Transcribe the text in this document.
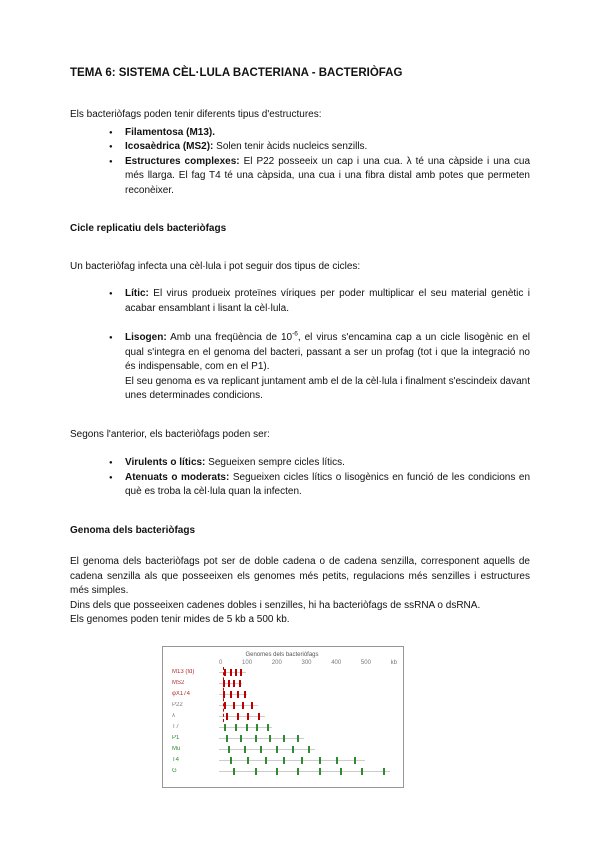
TEMA 6: SISTEMA CÈL·LULA BACTERIANA - BACTERIÒFAG

Els bacteriòfags poden tenir diferents tipus d'estructures:

● Filamentosa (M13).
● Icosaèdrica (MS2): Solen tenir àcids nucleics senzills.
● Estructures complexes: El P22 posseeix un cap i una cua. λ té una càpside i una cua més llarga. El fag T4 té una càpsida, una cua i una fibra distal amb potes que permeten reconèixer.
Cicle replicatiu dels bacteriòfags

Un bacteriòfag infecta una cèl·lula i pot seguir dos tipus de cicles:

● Lític: El virus produeix proteïnes víriques per poder multiplicar el seu material genètic i acabar ensamblant i lisant la cèl·lula.
● Lisogen: Amb una freqüència de $10^{-6}$, el virus s'encamina cap a un cicle lisogènic en el qual s'integra en el genoma del bacteri, passant a ser un profag (tot i que la integració no és indispensable, com en el P1).
El seu genoma es va replicant juntament amb el de la cèl·lula i finalment s'escindeix davant unes determinades condicions.

Segons l'anterior, els bacteriòfags poden ser:

● Virulents o lítics: Segueixen sempre cicles lítics.
● Atenuats o moderats: Segueixen cicles lítics o lisogènics en funció de les condicions en què es troba la cèl·lula quan la infecten.
Genoma dels bacteriòfags

El genoma dels bacteriòfags pot ser de doble cadena o de cadena senzilla, corresponent aquells de cadena senzilla als que posseeixen els genomes més petits, regulacions més senzilles i estructures més simples.

Dins dels que posseeixen cadenes dobles i senzilles, hi ha bacteriòfags de ssRNA o dsRNA.

Els genomes poden tenir mides de 5 kb a 500 kb.

Genomes dels bacteriòfags
0	100	200	300	400	500	kb
M13 (fd)
MS2
φX174
P22
λ
T7
P1
Mu
T4
G
